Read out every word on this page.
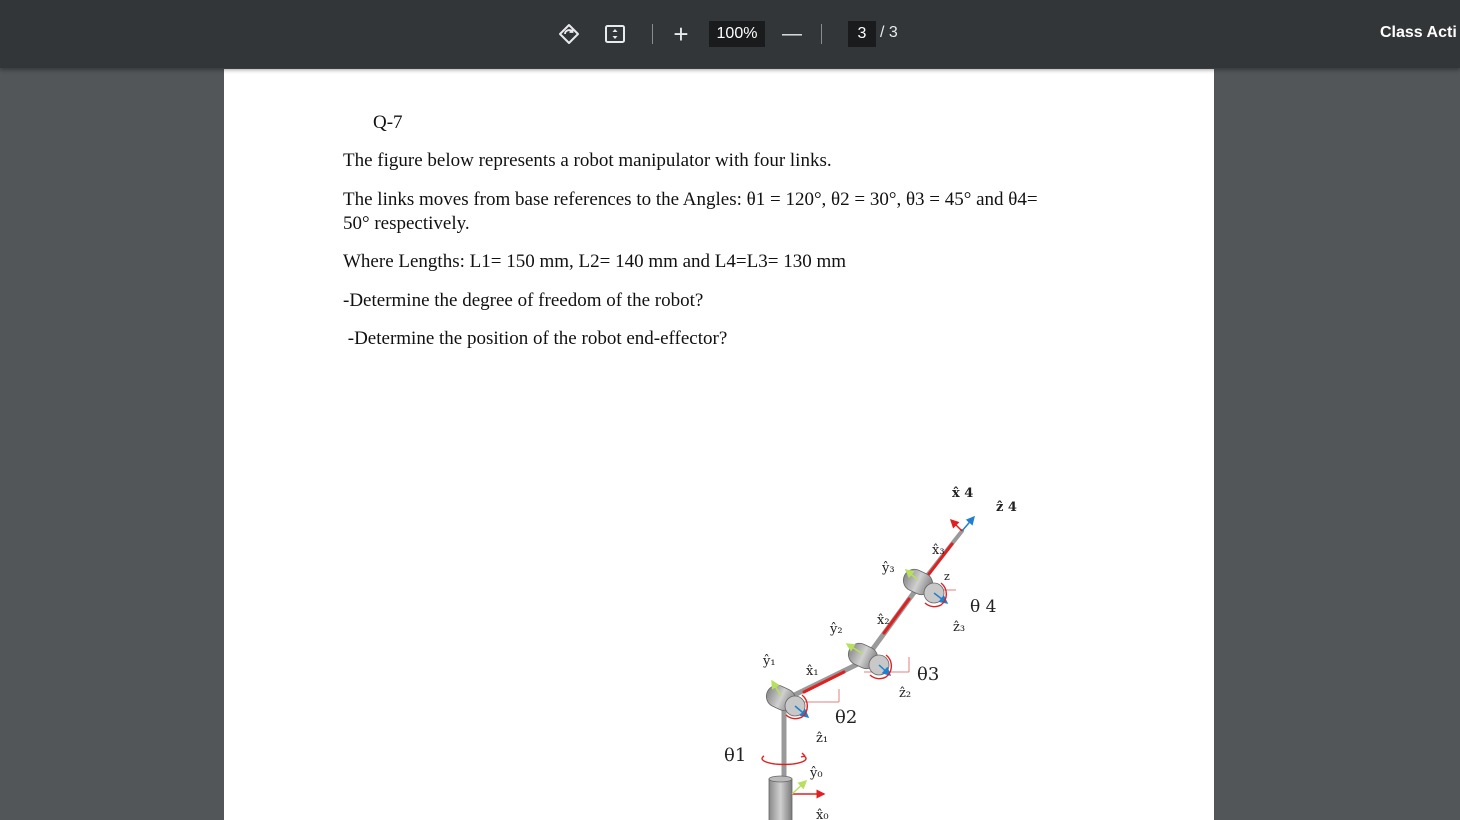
+	100%	—	3 / 3	Class Acti

Q-7

The figure below represents a robot manipulator with four links.

The links moves from base references to the Angles: θ1 = 120°, θ2 = 30°, θ3 = 45° and θ4=

50° respectively.

Where Lengths: L1= 150 mm, L2= 140 mm and L4=L3= 130 mm

-Determine the degree of freedom of the robot?

-Determine the position of the robot end-effector?

θ1
θ2
θ3
θ 4
x̂₀
ŷ₀
x̂₁
ŷ₁
ẑ₁
x̂₂
ŷ₂
ẑ₂
x̂₃
ŷ₃
ẑ₃
z
x̂ 4
ẑ 4
